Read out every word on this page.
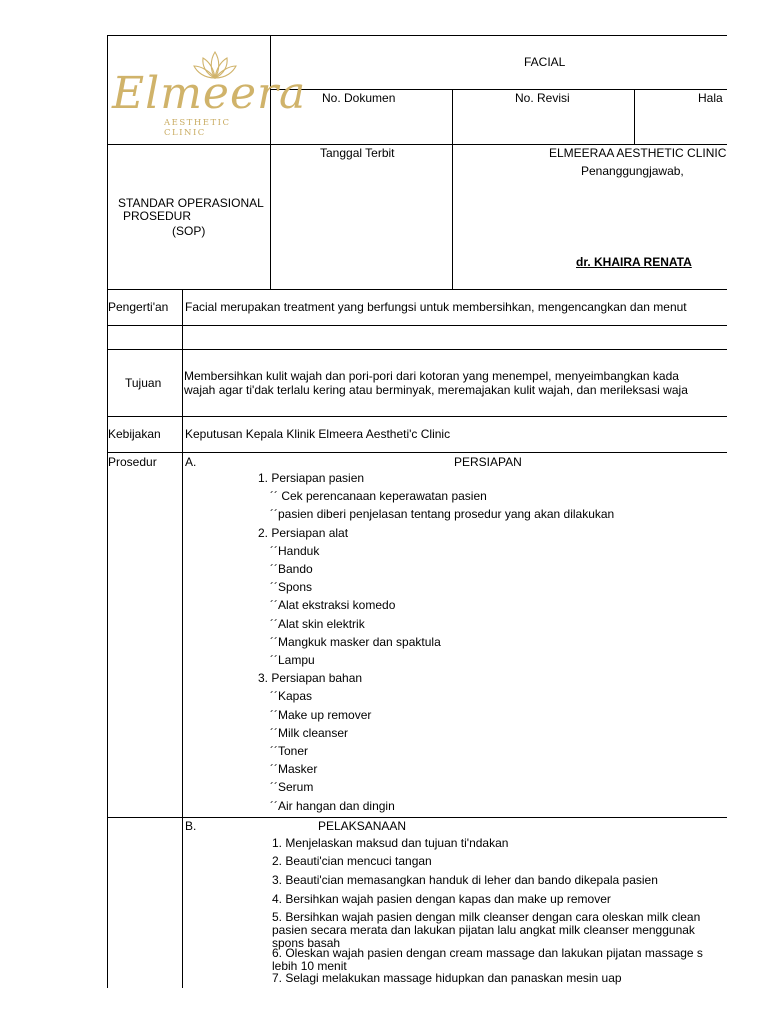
Elmeera
AESTHETIC CLINIC
FACIAL
No. Dokumen	No. Revisi	Hala
STANDAR OPERASIONAL
PROSEDUR
(SOP)
Tanggal Terbit	ELMEERAA AESTHETIC CLINIC
Penanggungjawab,
dr. KHAIRA RENATA
Pengerti'an Facial merupakan treatment yang berfungsi untuk membersihkan, mengencangkan dan menut
Tujuan Membersihkan kulit wajah dan pori-pori dari kotoran yang menempel, menyeimbangkan kada
wajah agar ti'dak terlalu kering atau berminyak, meremajakan kulit wajah, dan merileksasi waja
Kebijakan Keputusan Kepala Klinik Elmeera Aestheti'c Clinic
Prosedur A.	PERSIAPAN
1. Persiapan pasien
´´ Cek perencanaan keperawatan pasien
´´pasien diberi penjelasan tentang prosedur yang akan dilakukan
2. Persiapan alat
´´Handuk
´´Bando
´´Spons
´´Alat ekstraksi komedo
´´Alat skin elektrik
´´Mangkuk masker dan spaktula
´´Lampu
3. Persiapan bahan
´´Kapas
´´Make up remover
´´Milk cleanser
´´Toner
´´Masker
´´Serum
´´Air hangan dan dingin
B.	PELAKSANAAN
1. Menjelaskan maksud dan tujuan ti'ndakan
2. Beauti'cian mencuci tangan
3. Beauti'cian memasangkan handuk di leher dan bando dikepala pasien
4. Bersihkan wajah pasien dengan kapas dan make up remover
5. Bersihkan wajah pasien dengan milk cleanser dengan cara oleskan milk clean
pasien secara merata dan lakukan pijatan lalu angkat milk cleanser menggunak
spons basah
6. Oleskan wajah pasien dengan cream massage dan lakukan pijatan massage s
lebih 10 menit
7. Selagi melakukan massage hidupkan dan panaskan mesin uap
